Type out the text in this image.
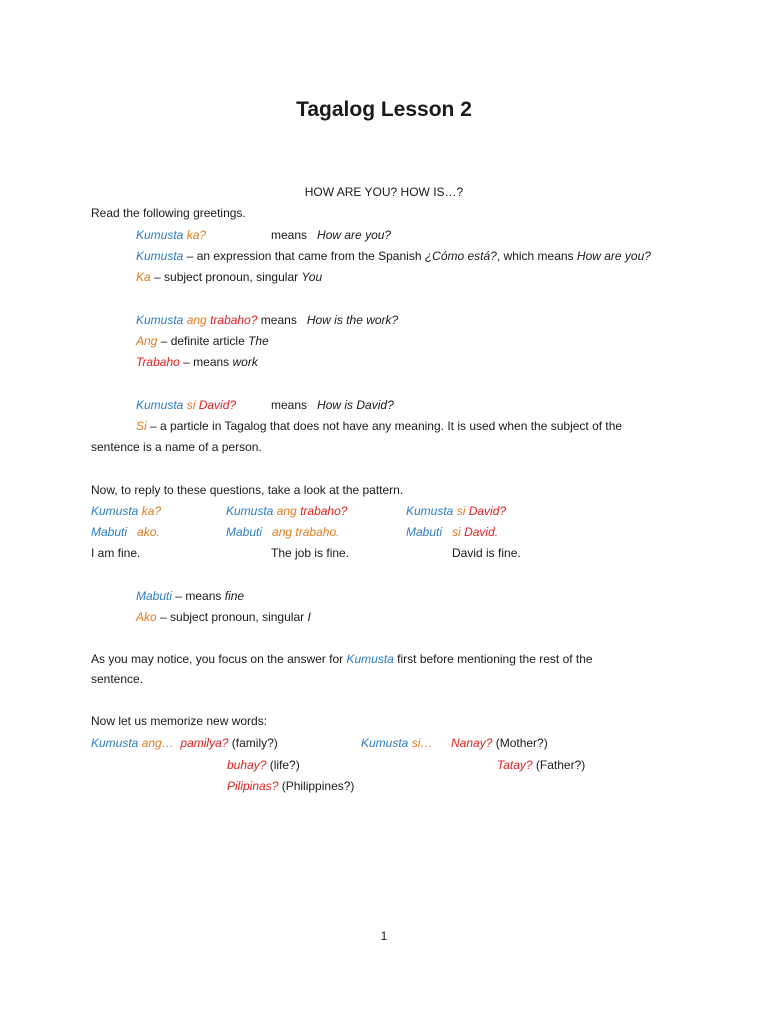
Tagalog Lesson 2
HOW ARE YOU? HOW IS…?
Read the following greetings.
Kumusta ka?	means How are you?
Kumusta – an expression that came from the Spanish ¿Cómo está?, which means How are you?
Ka – subject pronoun, singular You
Kumusta ang trabaho? means How is the work?
Ang – definite article The
Trabaho – means work
Kumusta si David?	means How is David?
Si – a particle in Tagalog that does not have any meaning. It is used when the subject of the
sentence is a name of a person.
Now, to reply to these questions, take a look at the pattern.
Kumusta ka?	Kumusta ang trabaho?	Kumusta si David?
Mabuti ako.	Mabuti ang trabaho.	Mabuti si David.
I am fine.	The job is fine.	David is fine.
Mabuti – means fine
Ako – subject pronoun, singular I
As you may notice, you focus on the answer for Kumusta first before mentioning the rest of the
sentence.
Now let us memorize new words:
Kumusta ang… pamilya? (family?)	Kumusta si… Nanay? (Mother?)
buhay? (life?)	Tatay? (Father?)
Pilipinas? (Philippines?)
1
